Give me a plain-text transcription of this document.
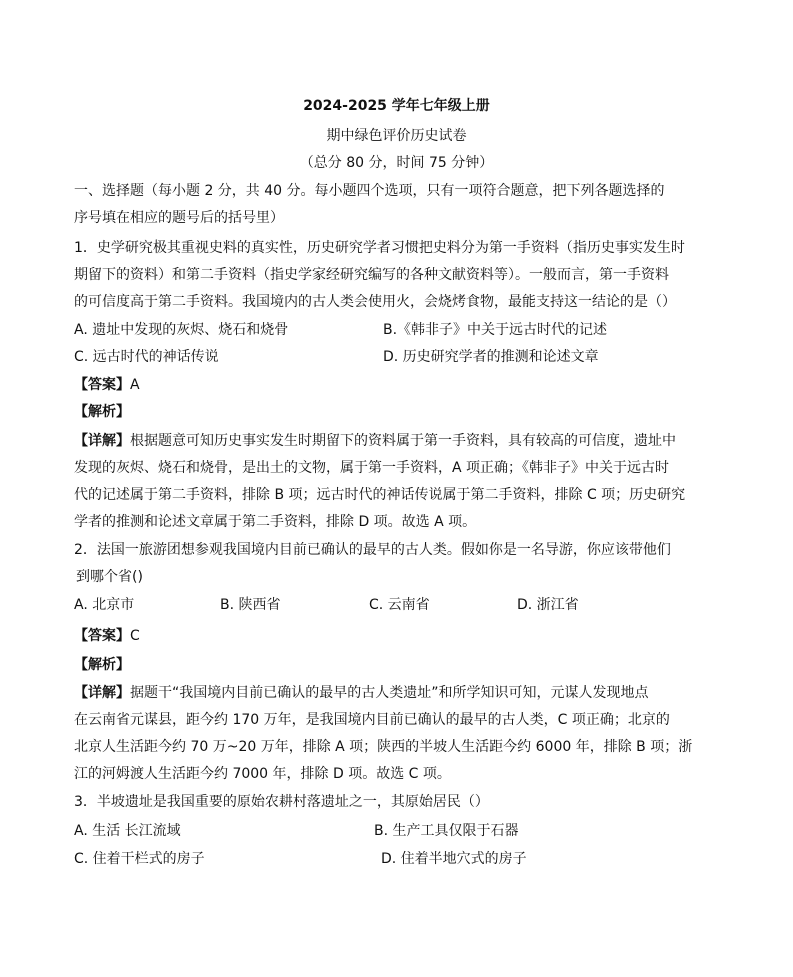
2024-2025 学年七年级上册
期中绿色评价历史试卷
（总分 80 分，时间 75 分钟）
一、选择题（每小题 2 分，共 40 分。每小题四个选项，只有一项符合题意，把下列各题选择的
序号填在相应的题号后的括号里）
1．史学研究极其重视史料的真实性，历史研究学者习惯把史料分为第一手资料（指历史事实发生时
期留下的资料）和第二手资料（指史学家经研究编写的各种文献资料等）。一般而言，第一手资料
的可信度高于第二手资料。我国境内的古人类会使用火，会烧烤食物，最能支持这一结论的是（）
A. 遗址中发现的灰烬、烧石和烧骨	B.《韩非子》中关于远古时代的记述
C. 远古时代的神话传说	D. 历史研究学者的推测和论述文章
【答案】A
【解析】
【详解】根据题意可知历史事实发生时期留下的资料属于第一手资料，具有较高的可信度，遗址中
发现的灰烬、烧石和烧骨，是出土的文物，属于第一手资料，A 项正确；《韩非子》中关于远古时
代的记述属于第二手资料，排除 B 项；远古时代的神话传说属于第二手资料，排除 C 项；历史研究
学者的推测和论述文章属于第二手资料，排除 D 项。故选 A 项。
2．法国一旅游团想参观我国境内目前已确认的最早的古人类。假如你是一名导游，你应该带他们
到哪个省()
A. 北京市	B. 陕西省	C. 云南省	D. 浙江省
【答案】C
【解析】
【详解】据题干“我国境内目前已确认的最早的古人类遗址”和所学知识可知，元谋人发现地点
在云南省元谋县，距今约 170 万年，是我国境内目前已确认的最早的古人类，C 项正确；北京的
北京人生活距今约 70 万~20 万年，排除 A 项；陕西的半坡人生活距今约 6000 年，排除 B 项；浙
江的河姆渡人生活距今约 7000 年，排除 D 项。故选 C 项。
3．半坡遗址是我国重要的原始农耕村落遗址之一，其原始居民（）
A. 生活 长江流域	B. 生产工具仅限于石器
C. 住着干栏式的房子	D. 住着半地穴式的房子
